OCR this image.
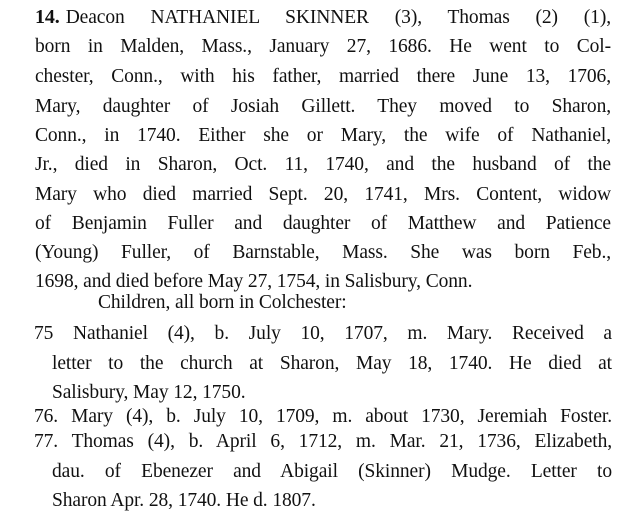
14. Deacon NATHANIEL SKINNER (3), Thomas (2) (1),
born in Malden, Mass., January 27, 1686. He went to Col-
chester, Conn., with his father, married there June 13, 1706,
Mary, daughter of Josiah Gillett. They moved to Sharon,
Conn., in 1740. Either she or Mary, the wife of Nathaniel,
Jr., died in Sharon, Oct. 11, 1740, and the husband of the
Mary who died married Sept. 20, 1741, Mrs. Content, widow
of Benjamin Fuller and daughter of Matthew and Patience
(Young) Fuller, of Barnstable, Mass. She was born Feb.,
1698, and died before May 27, 1754, in Salisbury, Conn.
Children, all born in Colchester:
75 Nathaniel (4), b. July 10, 1707, m. Mary. Received a
letter to the church at Sharon, May 18, 1740. He died at
Salisbury, May 12, 1750.
76. Mary (4), b. July 10, 1709, m. about 1730, Jeremiah Foster.
77. Thomas (4), b. April 6, 1712, m. Mar. 21, 1736, Elizabeth,
dau. of Ebenezer and Abigail (Skinner) Mudge. Letter to
Sharon Apr. 28, 1740. He d. 1807.
